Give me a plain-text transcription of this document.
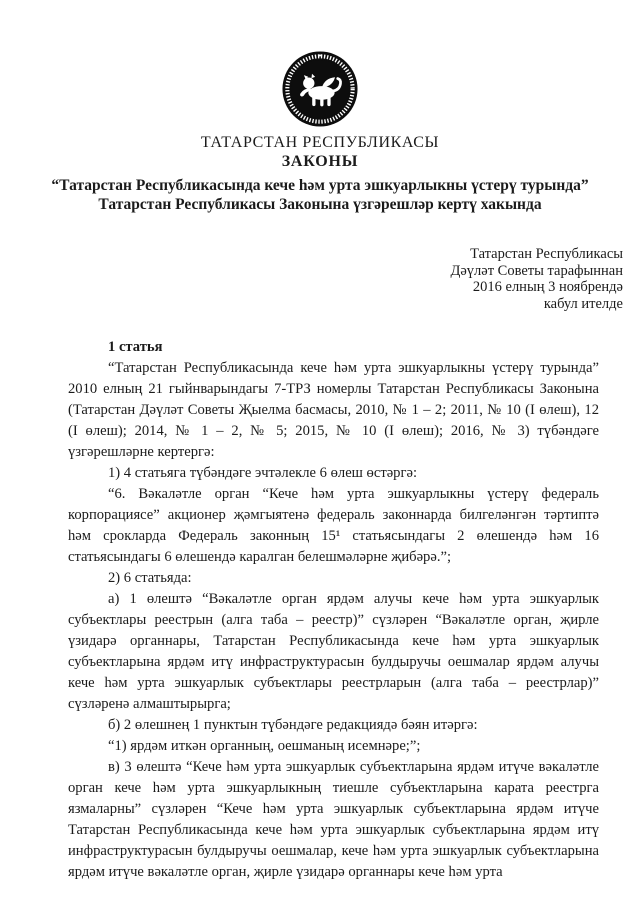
ТАТАРСТАН РЕСПУБЛИКАСЫ
ЗАКОНЫ
“Татарстан Республикасында кече һәм урта эшкуарлыкны үстерү турында”
Татарстан Республикасы Законына үзгәрешләр кертү хакында
Татарстан Республикасы
Дәүләт Советы тарафыннан
2016 елның 3 ноябрендә
кабул ителде

1 статья

“Татарстан Республикасында кече һәм урта эшкуарлыкны үстерү турында” 2010 елның 21 гыйнварындагы 7-ТРЗ номерлы Татарстан Республикасы Законына (Татарстан Дәүләт Советы Җыелма басмасы, 2010, № 1 – 2; 2011, № 10 (I өлеш), 12 (I өлеш); 2014, № 1 – 2, № 5; 2015, № 10 (I өлеш); 2016, № 3) түбәндәге үзгәрешләрне кертергә:

1) 4 статьяга түбәндәге эчтәлекле 6 өлеш өстәргә:

“6. Вәкаләтле орган “Кече һәм урта эшкуарлыкны үстерү федераль корпорациясе” акционер җәмгыятенә федераль законнарда билгеләнгән тәртиптә һәм срокларда Федераль законның 15¹ статьясындагы 2 өлешендә һәм 16 статьясындагы 6 өлешендә каралган белешмәләрне җибәрә.”;

2) 6 статьяда:

а) 1 өлештә “Вәкаләтле орган ярдәм алучы кече һәм урта эшкуарлык субъектлары реестрын (алга таба – реестр)” сүзләрен “Вәкаләтле орган, җирле үзидарә органнары, Татарстан Республикасында кече һәм урта эшкуарлык субъектларына ярдәм итү инфраструктурасын булдыручы оешмалар ярдәм алучы кече һәм урта эшкуарлык субъектлары реестрларын (алга таба – реестрлар)” сүзләренә алмаштырырга;

б) 2 өлешнең 1 пунктын түбәндәге редакциядә бәян итәргә:

“1) ярдәм иткән органның, оешманың исемнәре;”;

в) 3 өлештә “Кече һәм урта эшкуарлык субъектларына ярдәм итүче вәкаләтле орган кече һәм урта эшкуарлыкның тиешле субъектларына карата реестрга язмаларны” сүзләрен “Кече һәм урта эшкуарлык субъектларына ярдәм итүче Татарстан Республикасында кече һәм урта эшкуарлык субъектларына ярдәм итү инфраструктурасын булдыручы оешмалар, кече һәм урта эшкуарлык субъектларына ярдәм итүче вәкаләтле орган, җирле үзидарә органнары кече һәм урта
